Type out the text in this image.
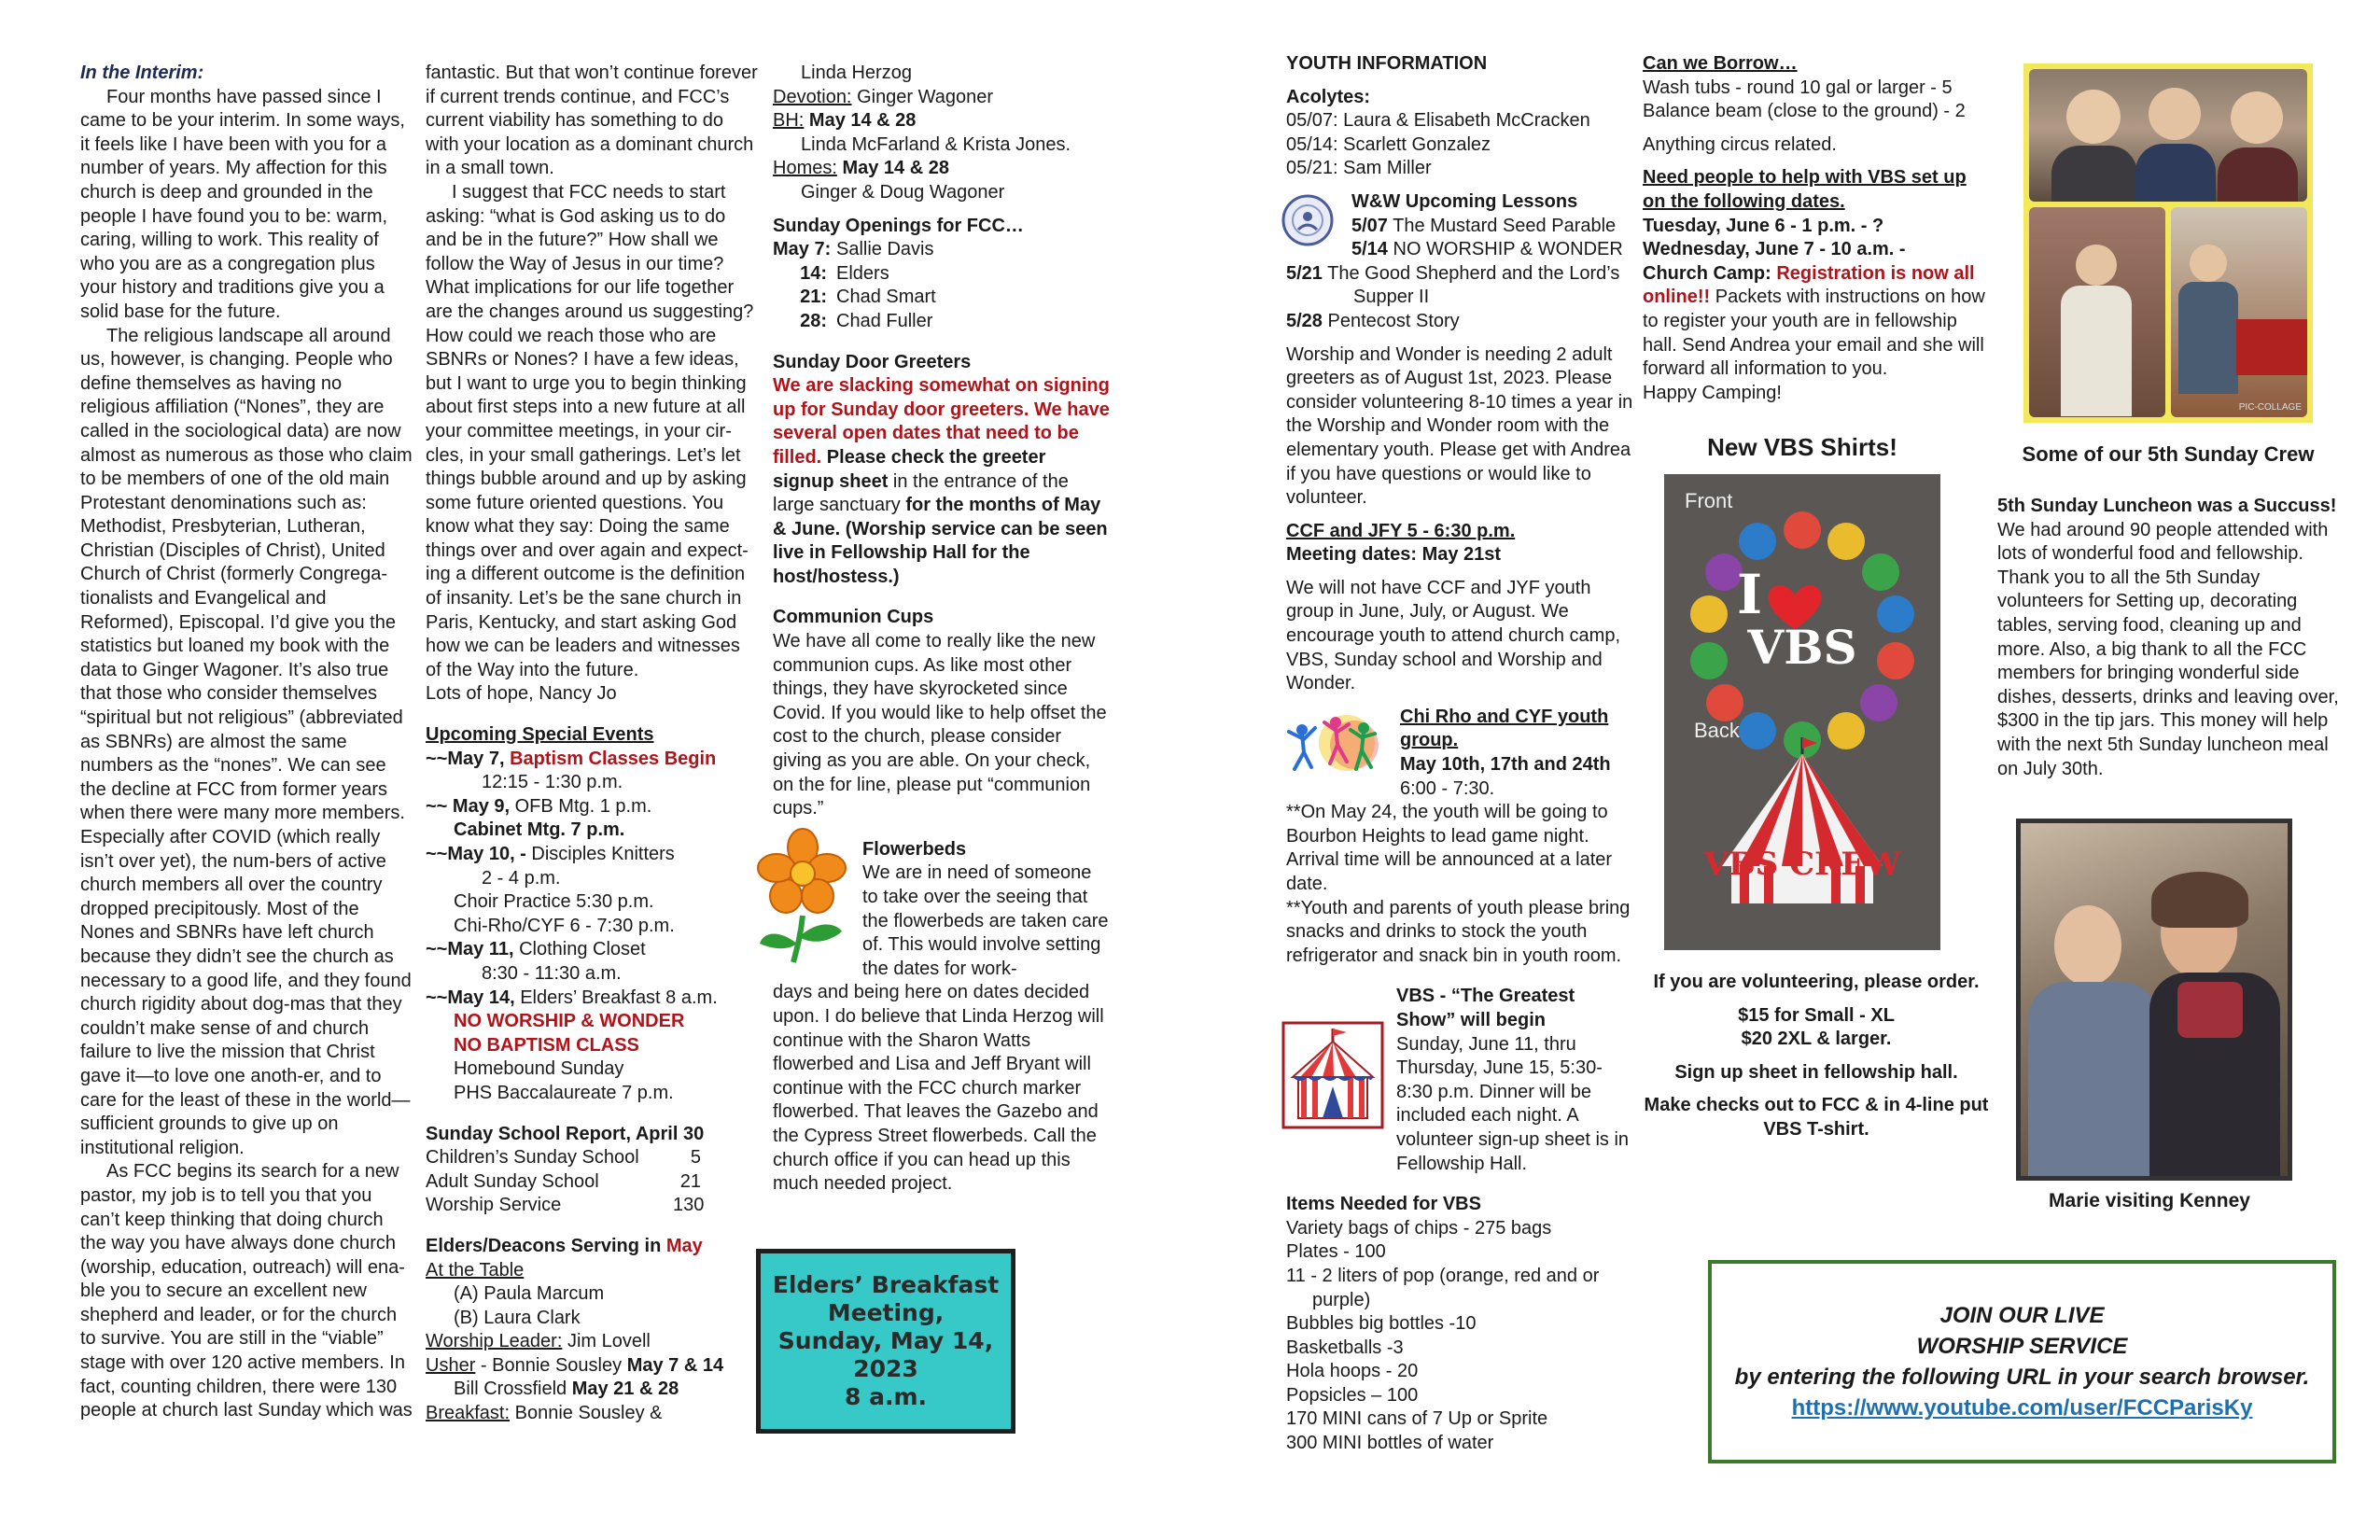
In the Interim:

Four months have passed since I came to be your interim. In some ways, it feels like I have been with you for a number of years. My affection for this church is deep and grounded in the people I have found you to be: warm, caring, willing to work. This reality of who you are as a congregation plus your history and traditions give you a solid base for the future.

The religious landscape all around us, however, is changing. People who define themselves as having no religious affiliation (“Nones”, they are called in the sociological data) are now almost as numerous as those who claim to be members of one of the old main Protestant denominations such as: Methodist, Presbyterian, Lutheran, Christian (Disciples of Christ), United Church of Christ (formerly Congrega-tionalists and Evangelical and Reformed), Episcopal. I’d give you the statistics but loaned my book with the data to Ginger Wagoner. It’s also true that those who consider themselves “spiritual but not religious” (abbreviated as SBNRs) are almost the same numbers as the “nones”. We can see the decline at FCC from former years when there were many more members. Especially after COVID (which really isn’t over yet), the num-bers of active church members all over the country dropped precipitously. Most of the Nones and SBNRs have left church because they didn’t see the church as necessary to a good life, and they found church rigidity about dog-mas that they couldn’t make sense of and church failure to live the mission that Christ gave it—to love one anoth-er, and to care for the least of these in the world—sufficient grounds to give up on institutional religion.

As FCC begins its search for a new pastor, my job is to tell you that you can’t keep thinking that doing church the way you have always done church (worship, education, outreach) will ena-ble you to secure an excellent new shepherd and leader, or for the church to survive. You are still in the “viable” stage with over 120 active members. In fact, counting children, there were 130 people at church last Sunday which was

fantastic. But that won’t continue forever if current trends continue, and FCC’s current viability has something to do with your location as a dominant church in a small town.

I suggest that FCC needs to start asking: “what is God asking us to do and be in the future?” How shall we follow the Way of Jesus in our time? What implications for our life together are the changes around us suggesting? How could we reach those who are SBNRs or Nones? I have a few ideas, but I want to urge you to begin thinking about first steps into a new future at all your committee meetings, in your cir-cles, in your small gatherings. Let’s let things bubble around and up by asking some future oriented questions. You know what they say: Doing the same things over and over again and expect-ing a different outcome is the definition of insanity. Let’s be the sane church in Paris, Kentucky, and start asking God how we can be leaders and witnesses of the Way into the future.

Lots of hope, Nancy Jo

Upcoming Special Events

~~May 7, Baptism Classes Begin

12:15 - 1:30 p.m.

~~ May 9, OFB Mtg. 1 p.m.

Cabinet Mtg. 7 p.m.

~~May 10, - Disciples Knitters

2 - 4 p.m.

Choir Practice 5:30 p.m.

Chi-Rho/CYF 6 - 7:30 p.m.

~~May 11, Clothing Closet

8:30 - 11:30 a.m.

~~May 14, Elders’ Breakfast 8 a.m.

NO WORSHIP & WONDER

NO BAPTISM CLASS

Homebound Sunday

PHS Baccalaureate 7 p.m.

Sunday School Report, April 30

Children’s Sunday School	5
Adult Sunday School	21
Worship Service	130

Elders/Deacons Serving in May

At the Table

(A) Paula Marcum

(B) Laura Clark

Worship Leader: Jim Lovell

Usher - Bonnie Sousley May 7 & 14

Bill Crossfield May 21 & 28

Breakfast: Bonnie Sousley &

Linda Herzog

Devotion: Ginger Wagoner

BH: May 14 & 28

Linda McFarland & Krista Jones.

Homes: May 14 & 28

Ginger & Doug Wagoner

Sunday Openings for FCC…

May 7: Sallie Davis
14: Elders
21: Chad Smart
28: Chad Fuller

Sunday Door Greeters

We are slacking somewhat on signing up for Sunday door greeters. We have several open dates that need to be filled. Please check the greeter signup sheet in the entrance of the large sanctuary for the months of May & June. (Worship service can be seen live in Fellowship Hall for the host/hostess.)

Communion Cups

We have all come to really like the new communion cups. As like most other things, they have skyrocketed since Covid. If you would like to help offset the cost to the church, please consider giving as you are able. On your check, on the for line, please put “communion cups.”

Flowerbeds

We are in need of someone to take over the seeing that the flowerbeds are taken care of. This would involve setting the dates for work-

days and being here on dates decided upon. I do believe that Linda Herzog will continue with the Sharon Watts flowerbed and Lisa and Jeff Bryant will continue with the FCC church marker flowerbed. That leaves the Gazebo and the Cypress Street flowerbeds. Call the church office if you can head up this much needed project.

Elders’ Breakfast
Meeting,
Sunday, May 14,
2023
8 a.m.

YOUTH INFORMATION

Acolytes:

05/07: Laura & Elisabeth McCracken

05/14: Scarlett Gonzalez

05/21: Sam Miller

W&W Upcoming Lessons

5/07 The Mustard Seed Parable

5/14 NO WORSHIP & WONDER

5/21 The Good Shepherd and the Lord’s Supper II

5/28 Pentecost Story

Worship and Wonder is needing 2 adult greeters as of August 1st, 2023. Please consider volunteering 8-10 times a year in the Worship and Wonder room with the elementary youth. Please get with Andrea if you have questions or would like to volunteer.

CCF and JFY 5 - 6:30 p.m.

Meeting dates: May 21st

We will not have CCF and JYF youth group in June, July, or August. We encourage youth to attend church camp, VBS, Sunday school and Worship and Wonder.

Chi Rho and CYF youth group.

May 10th, 17th and 24th

6:00 - 7:30.

**On May 24, the youth will be going to Bourbon Heights to lead game night. Arrival time will be announced at a later date.

**Youth and parents of youth please bring snacks and drinks to stock the youth refrigerator and snack bin in youth room.

VBS - “The Greatest Show” will begin

Sunday, June 11, thru Thursday, June 15, 5:30-8:30 p.m. Dinner will be included each night. A volunteer sign-up sheet is in Fellowship Hall.

Items Needed for VBS

Variety bags of chips - 275 bags

Plates - 100

11 - 2 liters of pop (orange, red and or purple)

Bubbles big bottles -10

Basketballs -3

Hola hoops - 20

Popsicles – 100

170 MINI cans of 7 Up or Sprite

300 MINI bottles of water

Can we Borrow…

Wash tubs - round 10 gal or larger - 5

Balance beam (close to the ground) - 2

Anything circus related.

Need people to help with VBS set up on the following dates.

Tuesday, June 6 - 1 p.m. - ?

Wednesday, June 7 - 10 a.m. -

Church Camp: Registration is now all online!! Packets with instructions on how to register your youth are in fellowship hall. Send Andrea your email and she will forward all information to you.

Happy Camping!

New VBS Shirts!

Front
I
VBS
Back
VBS CREW

If you are volunteering, please order.

$15 for Small - XL

$20 2XL & larger.

Sign up sheet in fellowship hall.

Make checks out to FCC & in 4-line put VBS T-shirt.

PIC-COLLAGE

Some of our 5th Sunday Crew

5th Sunday Luncheon was a Succuss!

We had around 90 people attended with lots of wonderful food and fellowship. Thank you to all the 5th Sunday volunteers for Setting up, decorating tables, serving food, cleaning up and more. Also, a big thank to all the FCC members for bringing wonderful side dishes, desserts, drinks and leaving over, $300 in the tip jars. This money will help with the next 5th Sunday luncheon meal on July 30th.

Marie visiting Kenney

JOIN OUR LIVE
WORSHIP SERVICE
by entering the following URL in your search browser.
https://www.youtube.com/user/FCCParisKy
